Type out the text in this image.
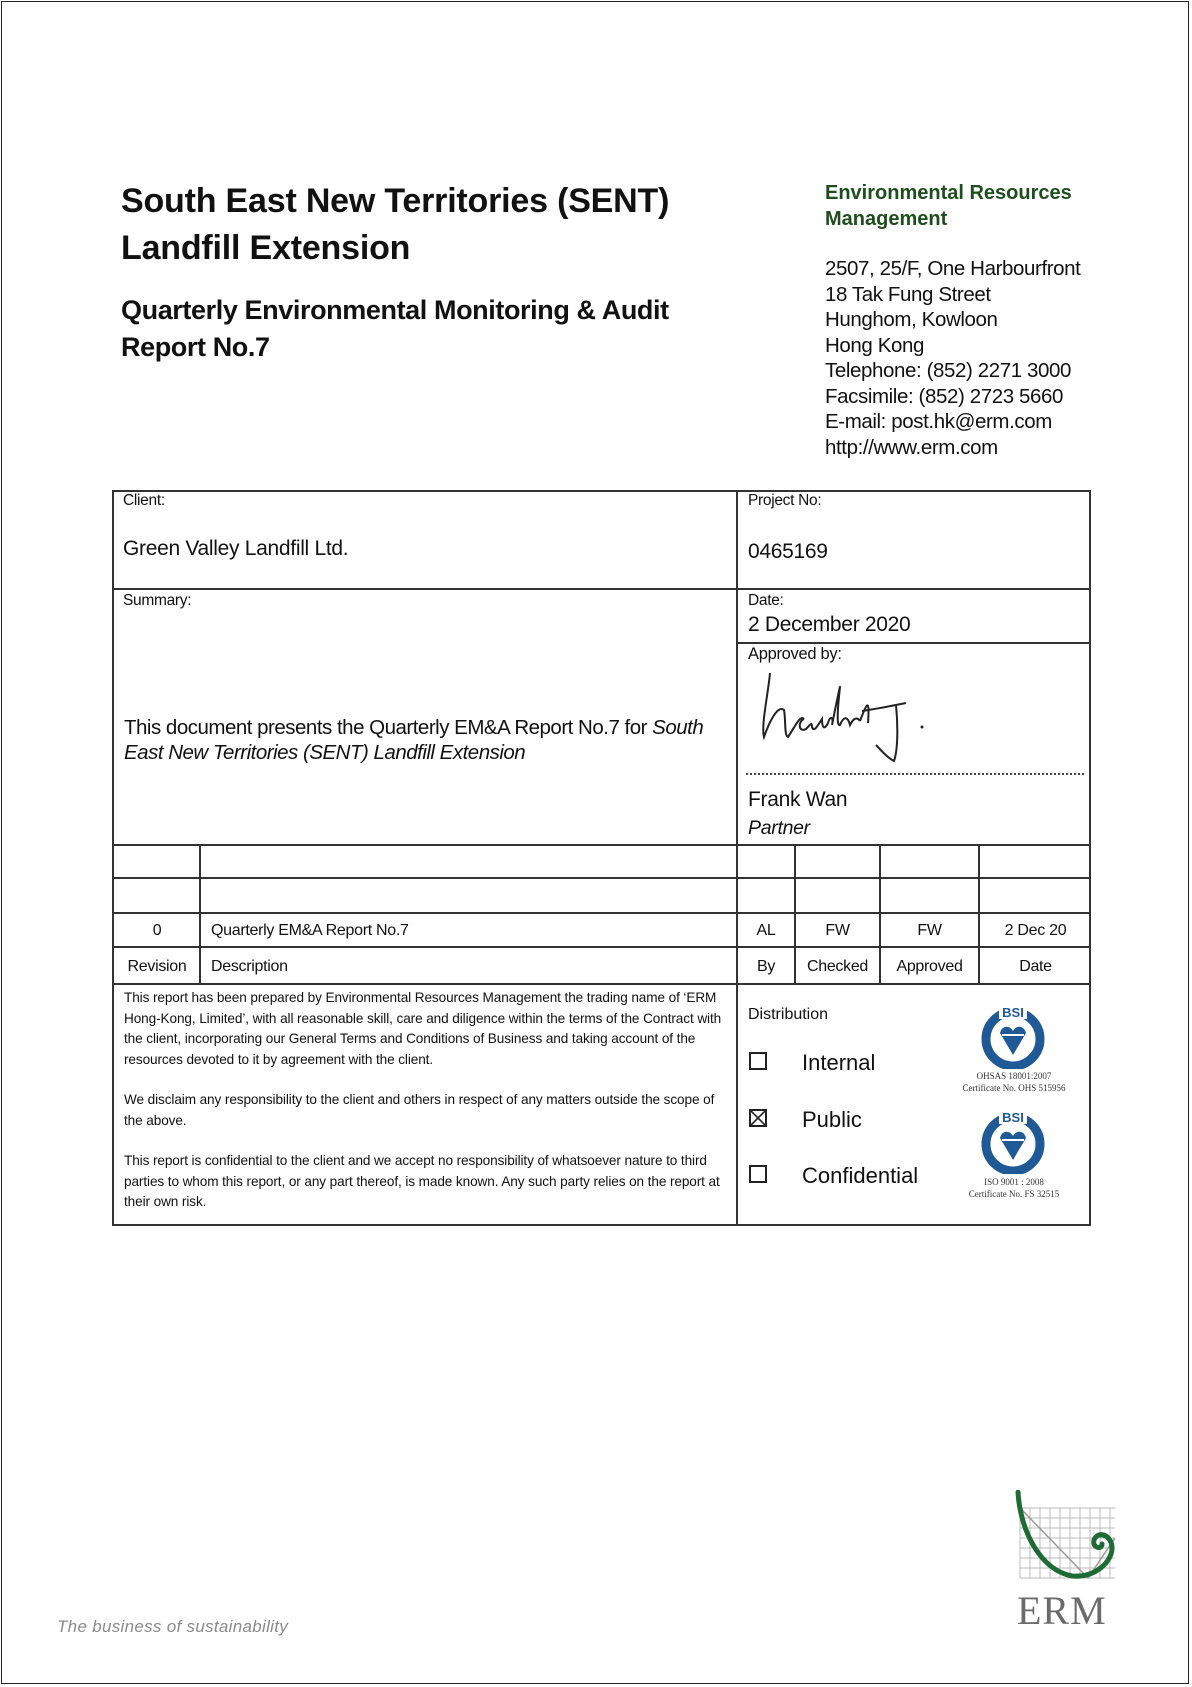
South East New Territories (SENT)
Landfill Extension
Quarterly Environmental Monitoring & Audit
Report No.7
Environmental Resources
Management
2507, 25/F, One Harbourfront
18 Tak Fung Street
Hunghom, Kowloon
Hong Kong
Telephone: (852) 2271 3000
Facsimile: (852) 2723 5660
E-mail: post.hk@erm.com
http://www.erm.com
Client:
Green Valley Landfill Ltd.
Project No:
0465169
Summary:
This document presents the Quarterly EM&A Report No.7 for South East New Territories (SENT) Landfill Extension
Date:
2 December 2020
Approved by:
Frank Wan
Partner
0	Quarterly EM&A Report No.7	AL	FW	FW	2 Dec 20
Revision	Description	By	Checked	Approved	Date

This report has been prepared by Environmental Resources Management the trading name of ‘ERM Hong-Kong, Limited’, with all reasonable skill, care and diligence within the terms of the Contract with the client, incorporating our General Terms and Conditions of Business and taking account of the resources devoted to it by agreement with the client.

We disclaim any responsibility to the client and others in respect of any matters outside the scope of the above.

This report is confidential to the client and we accept no responsibility of whatsoever nature to third parties to whom this report, or any part thereof, is made known. Any such party relies on the report at their own risk.

Distribution
Internal
Public
Confidential
BSI
OHSAS 18001:2007
Certificate No. OHS 515956
BSI
ISO 9001 : 2008
Certificate No. FS 32515
The business of sustainability	ERM
